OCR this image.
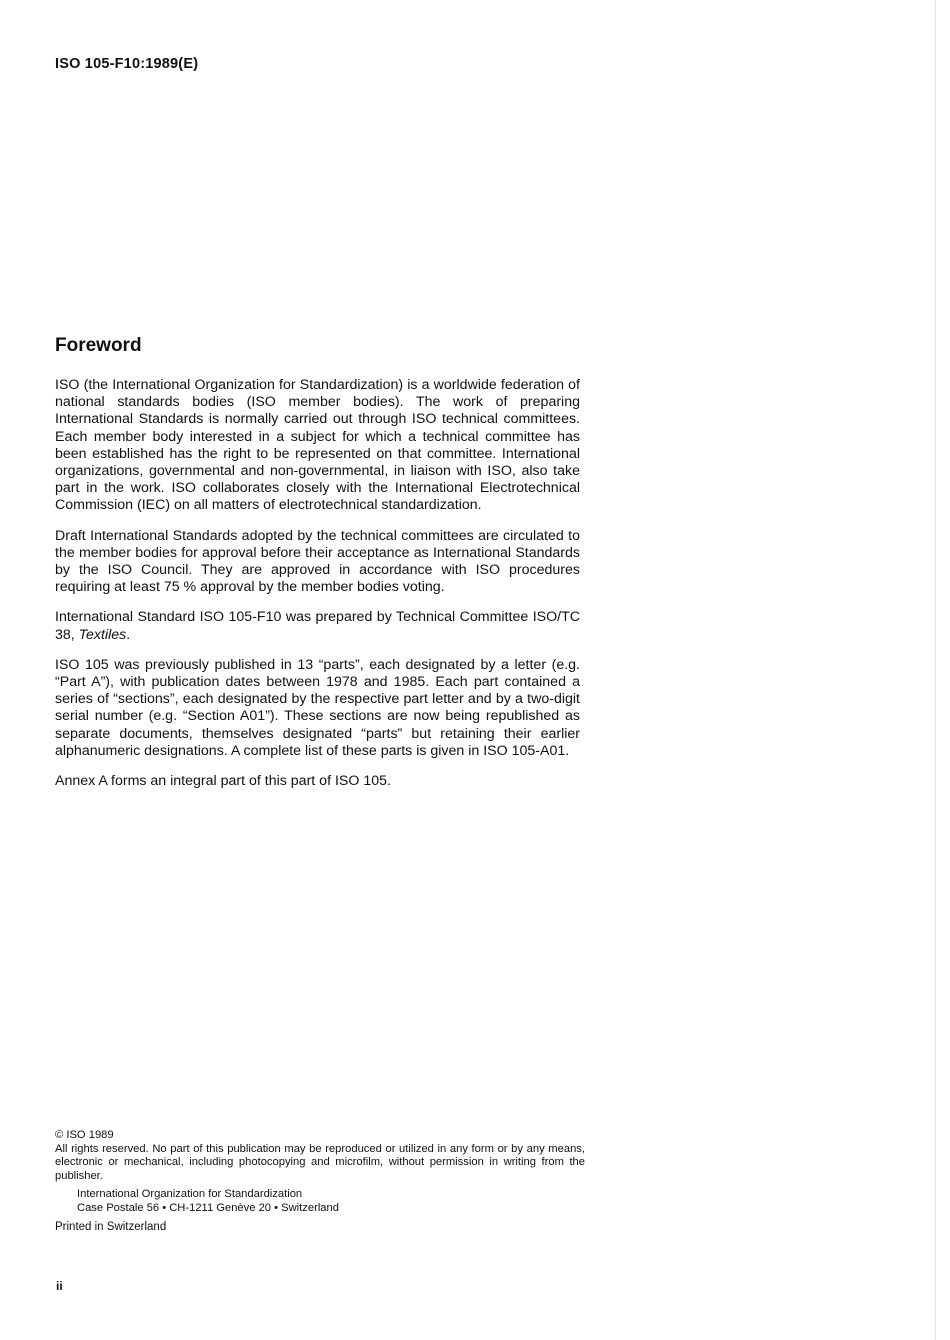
ISO 105-F10:1989(E)
Foreword

ISO (the International Organization for Standardization) is a worldwide federation of national standards bodies (ISO member bodies). The work of preparing International Standards is normally carried out through ISO technical committees. Each member body interested in a subject for which a technical committee has been established has the right to be represented on that committee. International organizations, governmental and non-governmental, in liaison with ISO, also take part in the work. ISO collaborates closely with the International Electrotechnical Commission (IEC) on all matters of electrotechnical standardization.

Draft International Standards adopted by the technical committees are circulated to the member bodies for approval before their acceptance as International Standards by the ISO Council. They are approved in accordance with ISO procedures requiring at least 75 % approval by the member bodies voting.

International Standard ISO 105-F10 was prepared by Technical Committee ISO/TC 38, Textiles.

ISO 105 was previously published in 13 “parts”, each designated by a letter (e.g. “Part A”), with publication dates between 1978 and 1985. Each part contained a series of “sections”, each designated by the respective part letter and by a two-digit serial number (e.g. “Section A01”). These sections are now being republished as separate documents, themselves designated “parts” but retaining their earlier alphanumeric designations. A complete list of these parts is given in ISO 105-A01.

Annex A forms an integral part of this part of ISO 105.

© ISO 1989
All rights reserved. No part of this publication may be reproduced or utilized in any form or by any means, electronic or mechanical, including photocopying and microfilm, without permission in writing from the publisher.
International Organization for Standardization
Case Postale 56 • CH-1211 Genève 20 • Switzerland
Printed in Switzerland
ii
